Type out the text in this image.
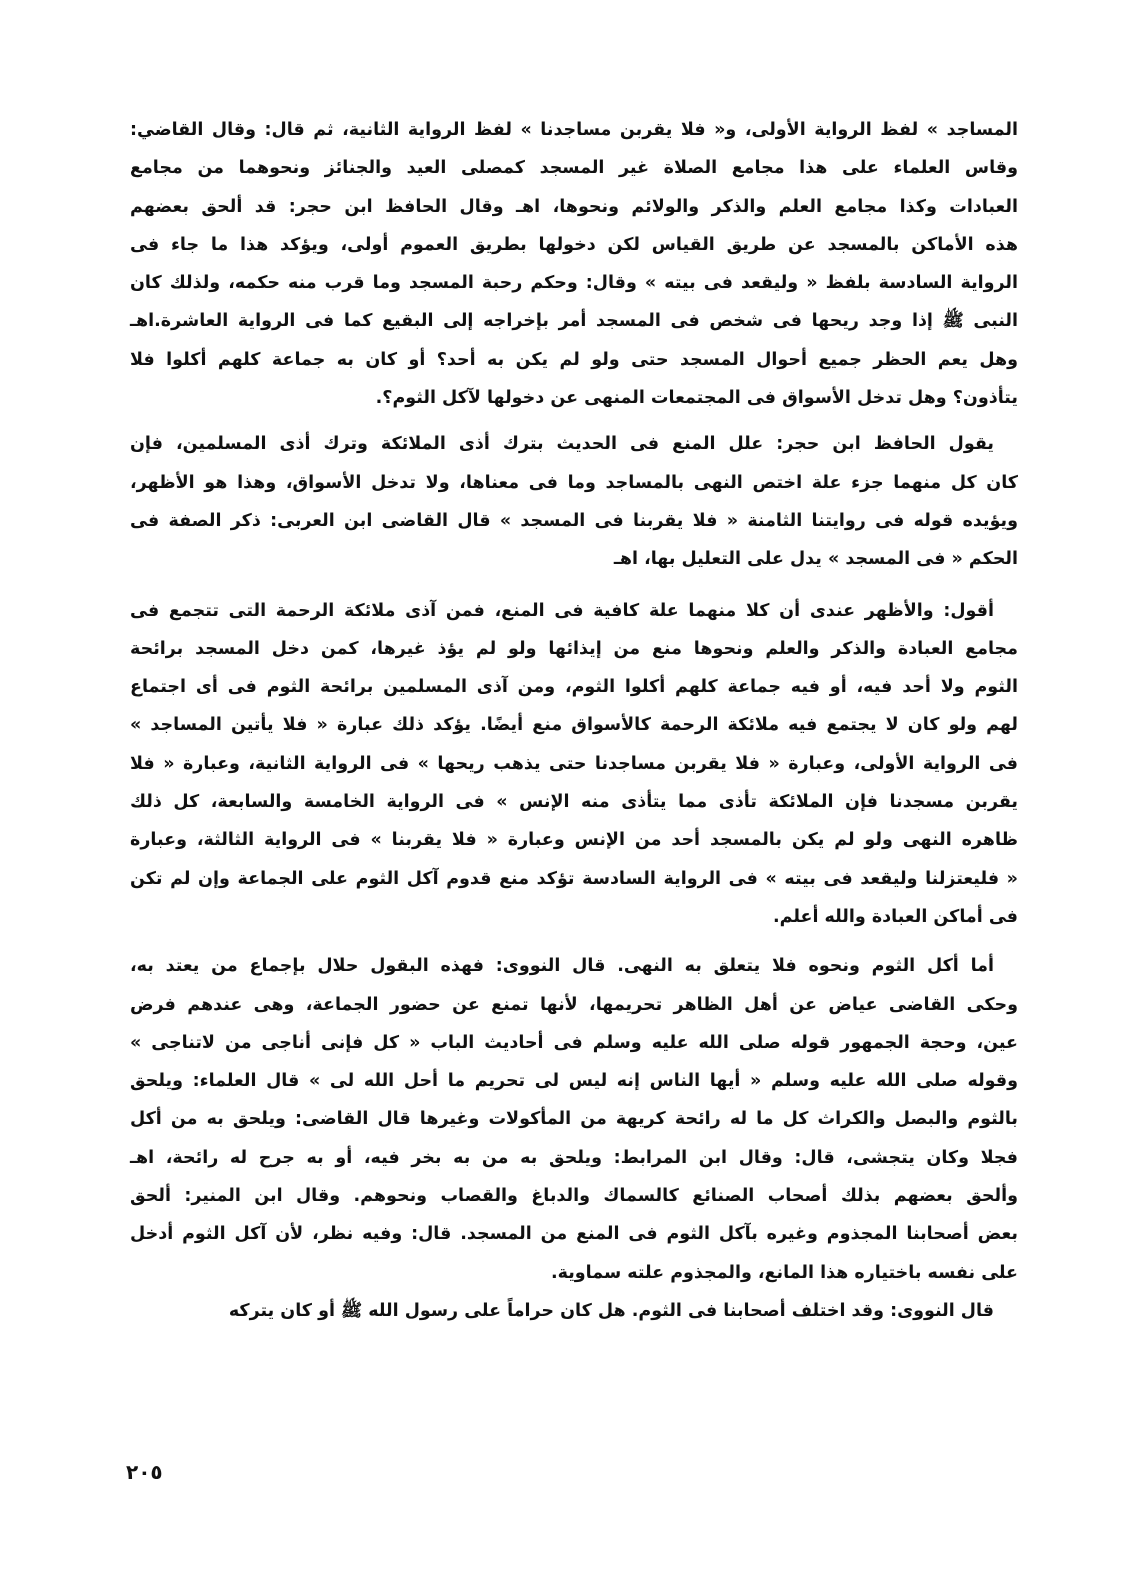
المساجد » لفظ الرواية الأولى، و« فلا يقربن مساجدنا » لفظ الرواية الثانية، ثم قال: وقال القاضي:
وقاس العلماء على هذا مجامع الصلاة غير المسجد كمصلى العيد والجنائز ونحوهما من مجامع
العبادات وكذا مجامع العلم والذكر والولائم ونحوها، اهـ وقال الحافظ ابن حجر: قد ألحق بعضهم
هذه الأماكن بالمسجد عن طريق القياس لكن دخولها بطريق العموم أولى، ويؤكد هذا ما جاء فى
الرواية السادسة بلفظ « وليقعد فى بيته » وقال: وحكم رحبة المسجد وما قرب منه حكمه، ولذلك كان
النبى ﷺ إذا وجد ريحها فى شخص فى المسجد أمر بإخراجه إلى البقيع كما فى الرواية العاشرة.اهـ
وهل يعم الحظر جميع أحوال المسجد حتى ولو لم يكن به أحد؟ أو كان به جماعة كلهم أكلوا فلا
يتأذون؟ وهل تدخل الأسواق فى المجتمعات المنهى عن دخولها لآكل الثوم؟.
يقول الحافظ ابن حجر: علل المنع فى الحديث بترك أذى الملائكة وترك أذى المسلمين، فإن
كان كل منهما جزء علة اختص النهى بالمساجد وما فى معناها، ولا تدخل الأسواق، وهذا هو الأظهر،
ويؤيده قوله فى روايتنا الثامنة « فلا يقربنا فى المسجد » قال القاضى ابن العربى: ذكر الصفة فى
الحكم « فى المسجد » يدل على التعليل بها، اهـ
أقول: والأظهر عندى أن كلا منهما علة كافية فى المنع، فمن آذى ملائكة الرحمة التى تتجمع فى
مجامع العبادة والذكر والعلم ونحوها منع من إيذائها ولو لم يؤذ غيرها، كمن دخل المسجد برائحة
الثوم ولا أحد فيه، أو فيه جماعة كلهم أكلوا الثوم، ومن آذى المسلمين برائحة الثوم فى أى اجتماع
لهم ولو كان لا يجتمع فيه ملائكة الرحمة كالأسواق منع أيضًا. يؤكد ذلك عبارة « فلا يأتين المساجد »
فى الرواية الأولى، وعبارة « فلا يقربن مساجدنا حتى يذهب ريحها » فى الرواية الثانية، وعبارة « فلا
يقربن مسجدنا فإن الملائكة تأذى مما يتأذى منه الإنس » فى الرواية الخامسة والسابعة، كل ذلك
ظاهره النهى ولو لم يكن بالمسجد أحد من الإنس وعبارة « فلا يقربنا » فى الرواية الثالثة، وعبارة
« فليعتزلنا وليقعد فى بيته » فى الرواية السادسة تؤكد منع قدوم آكل الثوم على الجماعة وإن لم تكن
فى أماكن العبادة والله أعلم.
أما أكل الثوم ونحوه فلا يتعلق به النهى. قال النووى: فهذه البقول حلال بإجماع من يعتد به،
وحكى القاضى عياض عن أهل الظاهر تحريمها، لأنها تمنع عن حضور الجماعة، وهى عندهم فرض
عين، وحجة الجمهور قوله صلى الله عليه وسلم فى أحاديث الباب « كل فإنى أناجى من لاتناجى »
وقوله صلى الله عليه وسلم « أيها الناس إنه ليس لى تحريم ما أحل الله لى » قال العلماء: ويلحق
بالثوم والبصل والكراث كل ما له رائحة كريهة من المأكولات وغيرها قال القاضى: ويلحق به من أكل
فجلا وكان يتجشى، قال: وقال ابن المرابط: ويلحق به من به بخر فيه، أو به جرح له رائحة، اهـ
وألحق بعضهم بذلك أصحاب الصنائع كالسماك والدباغ والقصاب ونحوهم. وقال ابن المنير: ألحق
بعض أصحابنا المجذوم وغيره بآكل الثوم فى المنع من المسجد. قال: وفيه نظر، لأن آكل الثوم أدخل
على نفسه باختياره هذا المانع، والمجذوم علته سماوية.
قال النووى: وقد اختلف أصحابنا فى الثوم. هل كان حراماً على رسول الله ﷺ أو كان يتركه
٢٠٥
